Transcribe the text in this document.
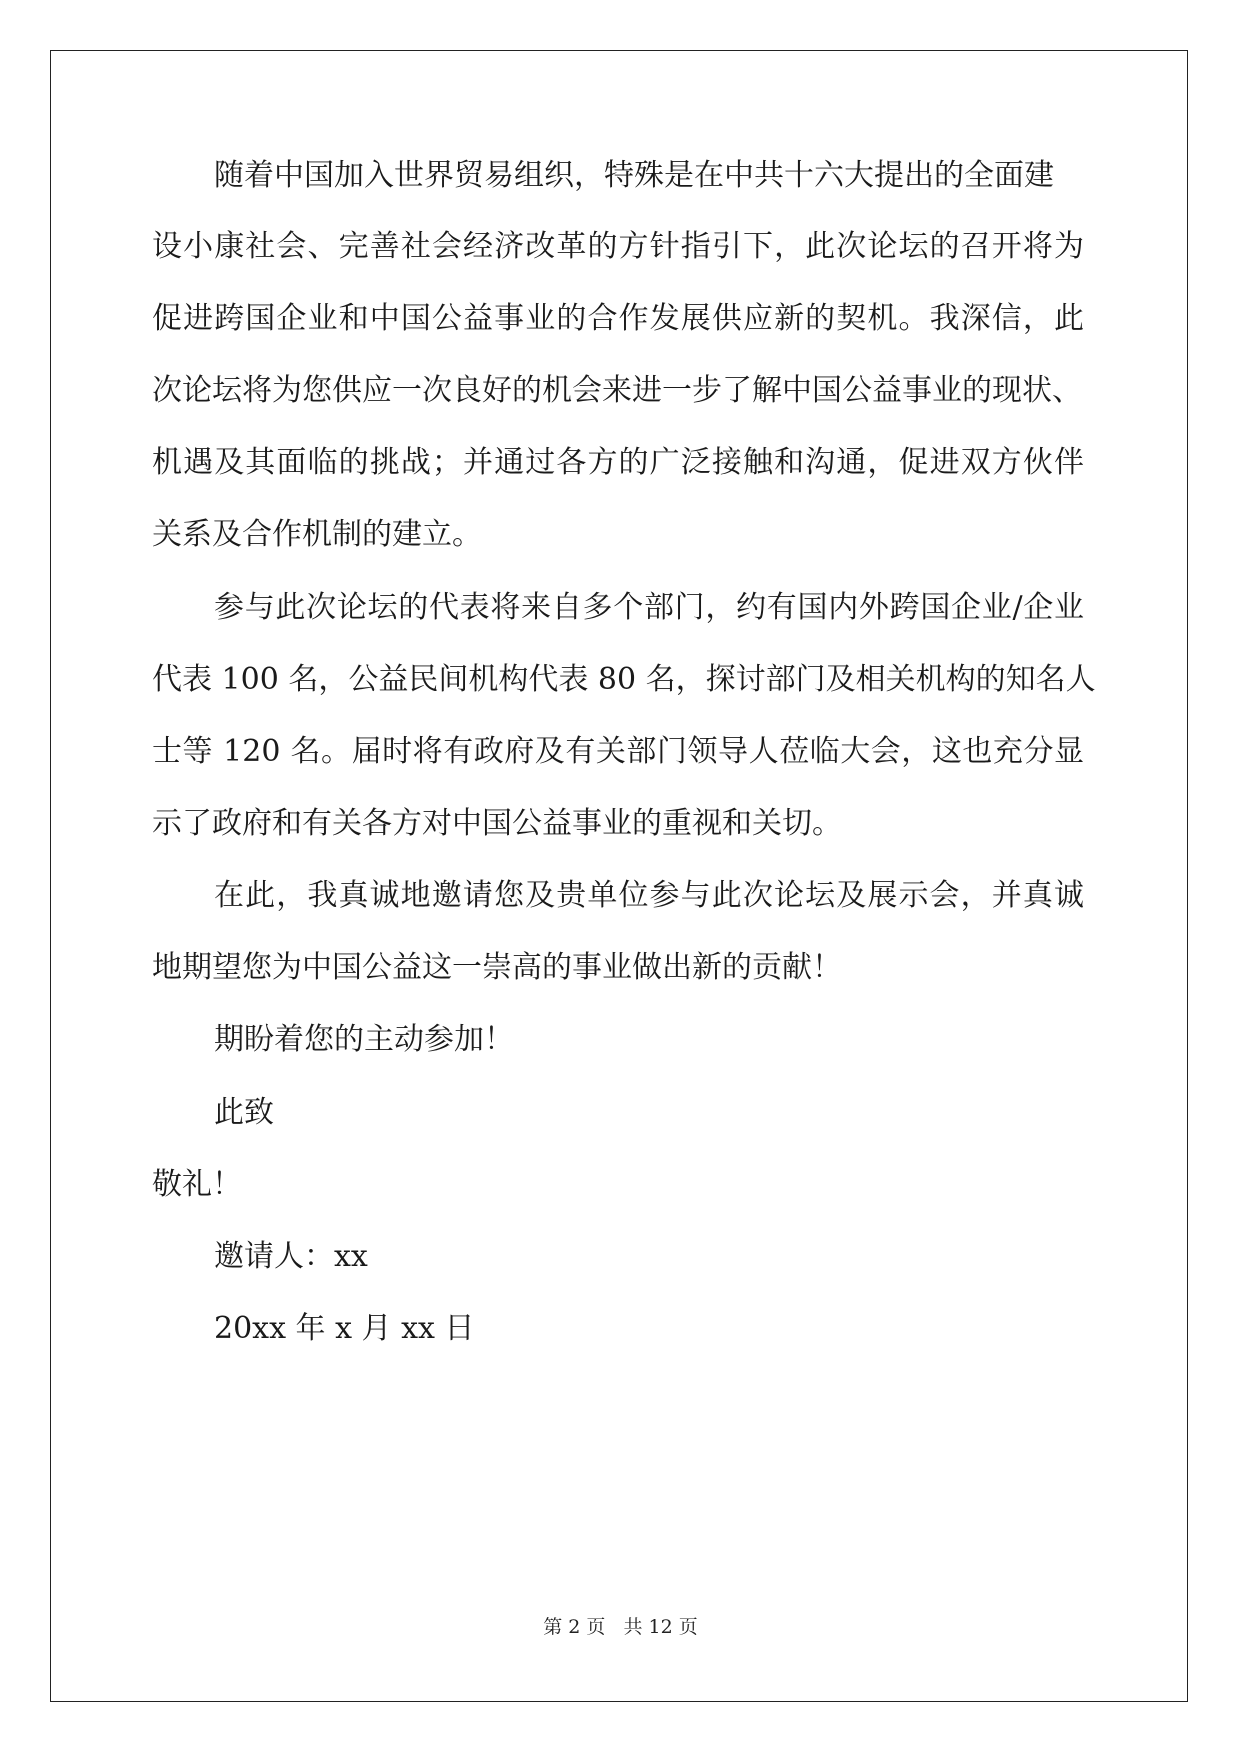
随着中国加入世界贸易组织，特殊是在中共十六大提出的全面建
设小康社会、完善社会经济改革的方针指引下，此次论坛的召开将为
促进跨国企业和中国公益事业的合作发展供应新的契机。我深信，此
次论坛将为您供应一次良好的机会来进一步了解中国公益事业的现状、
机遇及其面临的挑战；并通过各方的广泛接触和沟通，促进双方伙伴
关系及合作机制的建立。
参与此次论坛的代表将来自多个部门，约有国内外跨国企业/企业
代表 100 名，公益民间机构代表 80 名，探讨部门及相关机构的知名人
士等 120 名。届时将有政府及有关部门领导人莅临大会，这也充分显
示了政府和有关各方对中国公益事业的重视和关切。
在此，我真诚地邀请您及贵单位参与此次论坛及展示会，并真诚
地期望您为中国公益这一崇高的事业做出新的贡献！
期盼着您的主动参加！
此致
敬礼！
邀请人：xx
20xx 年 x 月 xx 日
第 2 页 共 12 页
